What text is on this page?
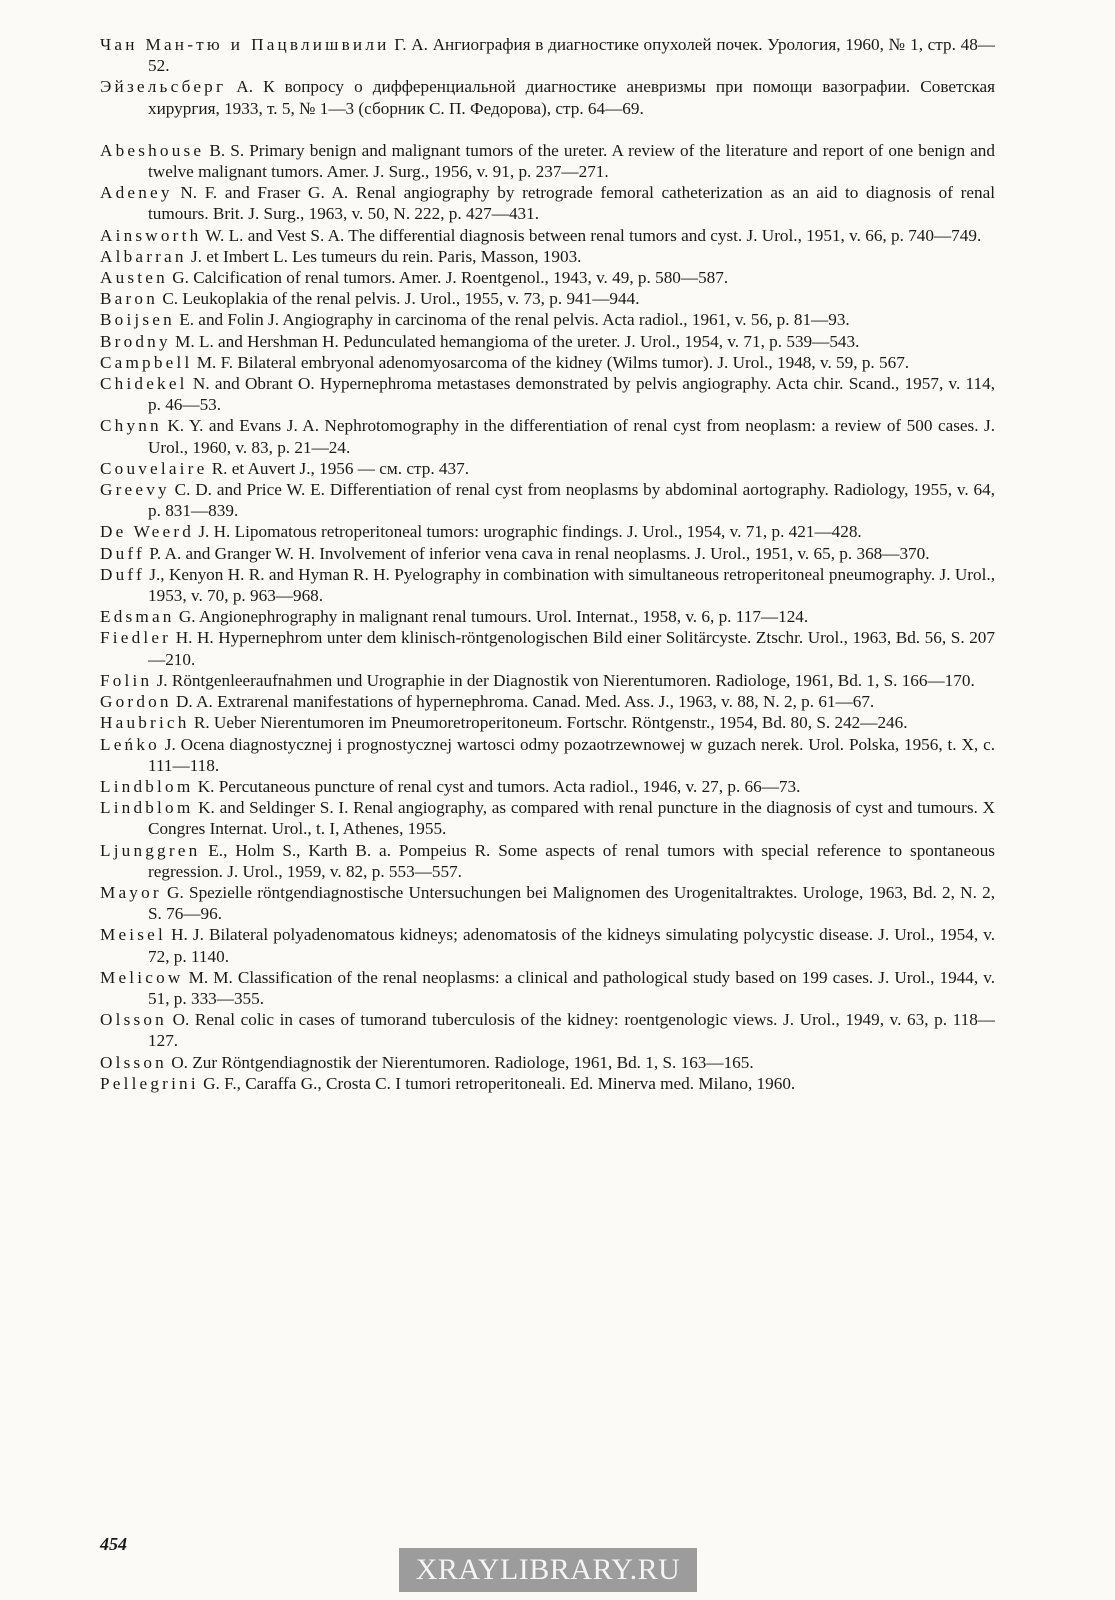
Чан Ман-тю и Пацвлишвили Г. А. Ангиография в диагностике опухолей почек. Урология, 1960, № 1, стр. 48—52.

Эйзельсберг А. К вопросу о дифференциальной диагностике аневризмы при помощи вазографии. Советская хирургия, 1933, т. 5, № 1—3 (сборник С. П. Федорова), стр. 64—69.

Abeshouse B. S. Primary benign and malignant tumors of the ureter. A review of the literature and report of one benign and twelve malignant tumors. Amer. J. Surg., 1956, v. 91, p. 237—271.

Adeney N. F. and Fraser G. A. Renal angiography by retrograde femoral catheterization as an aid to diagnosis of renal tumours. Brit. J. Surg., 1963, v. 50, N. 222, p. 427—431.

Ainsworth W. L. and Vest S. A. The differential diagnosis between renal tumors and cyst. J. Urol., 1951, v. 66, p. 740—749.

Albarran J. et Imbert L. Les tumeurs du rein. Paris, Masson, 1903.

Austen G. Calcification of renal tumors. Amer. J. Roentgenol., 1943, v. 49, p. 580—587.

Baron C. Leukoplakia of the renal pelvis. J. Urol., 1955, v. 73, p. 941—944.

Boijsen E. and Folin J. Angiography in carcinoma of the renal pelvis. Acta radiol., 1961, v. 56, p. 81—93.

Brodny M. L. and Hershman H. Pedunculated hemangioma of the ureter. J. Urol., 1954, v. 71, p. 539—543.

Campbell M. F. Bilateral embryonal adenomyosarcoma of the kidney (Wilms tumor). J. Urol., 1948, v. 59, p. 567.

Chidekel N. and Obrant O. Hypernephroma metastases demonstrated by pelvis angiography. Acta chir. Scand., 1957, v. 114, p. 46—53.

Chynn K. Y. and Evans J. A. Nephrotomography in the differentiation of renal cyst from neoplasm: a review of 500 cases. J. Urol., 1960, v. 83, p. 21—24.

Couvelaire R. et Auvert J., 1956 — см. стр. 437.

Greevy C. D. and Price W. E. Differentiation of renal cyst from neoplasms by abdominal aortography. Radiology, 1955, v. 64, p. 831—839.

De Weerd J. H. Lipomatous retroperitoneal tumors: urographic findings. J. Urol., 1954, v. 71, p. 421—428.

Duff P. A. and Granger W. H. Involvement of inferior vena cava in renal neoplasms. J. Urol., 1951, v. 65, p. 368—370.

Duff J., Kenyon H. R. and Hyman R. H. Pyelography in combination with simultaneous retroperitoneal pneumography. J. Urol., 1953, v. 70, p. 963—968.

Edsman G. Angionephrography in malignant renal tumours. Urol. Internat., 1958, v. 6, p. 117—124.

Fiedler H. H. Hypernephrom unter dem klinisch-röntgenologischen Bild einer Solitärcyste. Ztschr. Urol., 1963, Bd. 56, S. 207—210.

Folin J. Röntgenleeraufnahmen und Urographie in der Diagnostik von Nierentumoren. Radiologe, 1961, Bd. 1, S. 166—170.

Gordon D. A. Extrarenal manifestations of hypernephroma. Canad. Med. Ass. J., 1963, v. 88, N. 2, p. 61—67.

Haubrich R. Ueber Nierentumoren im Pneumoretroperitoneum. Fortschr. Röntgenstr., 1954, Bd. 80, S. 242—246.

Leńko J. Ocena diagnostycznej i prognostycznej wartosci odmy pozaotrzewnowej w guzach nerek. Urol. Polska, 1956, t. X, c. 111—118.

Lindblom K. Percutaneous puncture of renal cyst and tumors. Acta radiol., 1946, v. 27, p. 66—73.

Lindblom K. and Seldinger S. I. Renal angiography, as compared with renal puncture in the diagnosis of cyst and tumours. X Congres Internat. Urol., t. I, Athenes, 1955.

Ljunggren E., Holm S., Karth B. a. Pompeius R. Some aspects of renal tumors with special reference to spontaneous regression. J. Urol., 1959, v. 82, p. 553—557.

Mayor G. Spezielle röntgendiagnostische Untersuchungen bei Malignomen des Urogenitaltraktes. Urologe, 1963, Bd. 2, N. 2, S. 76—96.

Meisel H. J. Bilateral polyadenomatous kidneys; adenomatosis of the kidneys simulating polycystic disease. J. Urol., 1954, v. 72, p. 1140.

Melicow M. M. Classification of the renal neoplasms: a clinical and pathological study based on 199 cases. J. Urol., 1944, v. 51, p. 333—355.

Olsson O. Renal colic in cases of tumorand tuberculosis of the kidney: roentgenologic views. J. Urol., 1949, v. 63, p. 118—127.

Olsson O. Zur Röntgendiagnostik der Nierentumoren. Radiologe, 1961, Bd. 1, S. 163—165.

Pellegrini G. F., Caraffa G., Crosta C. I tumori retroperitoneali. Ed. Minerva med. Milano, 1960.

454
XRAYLIBRARY.RU
